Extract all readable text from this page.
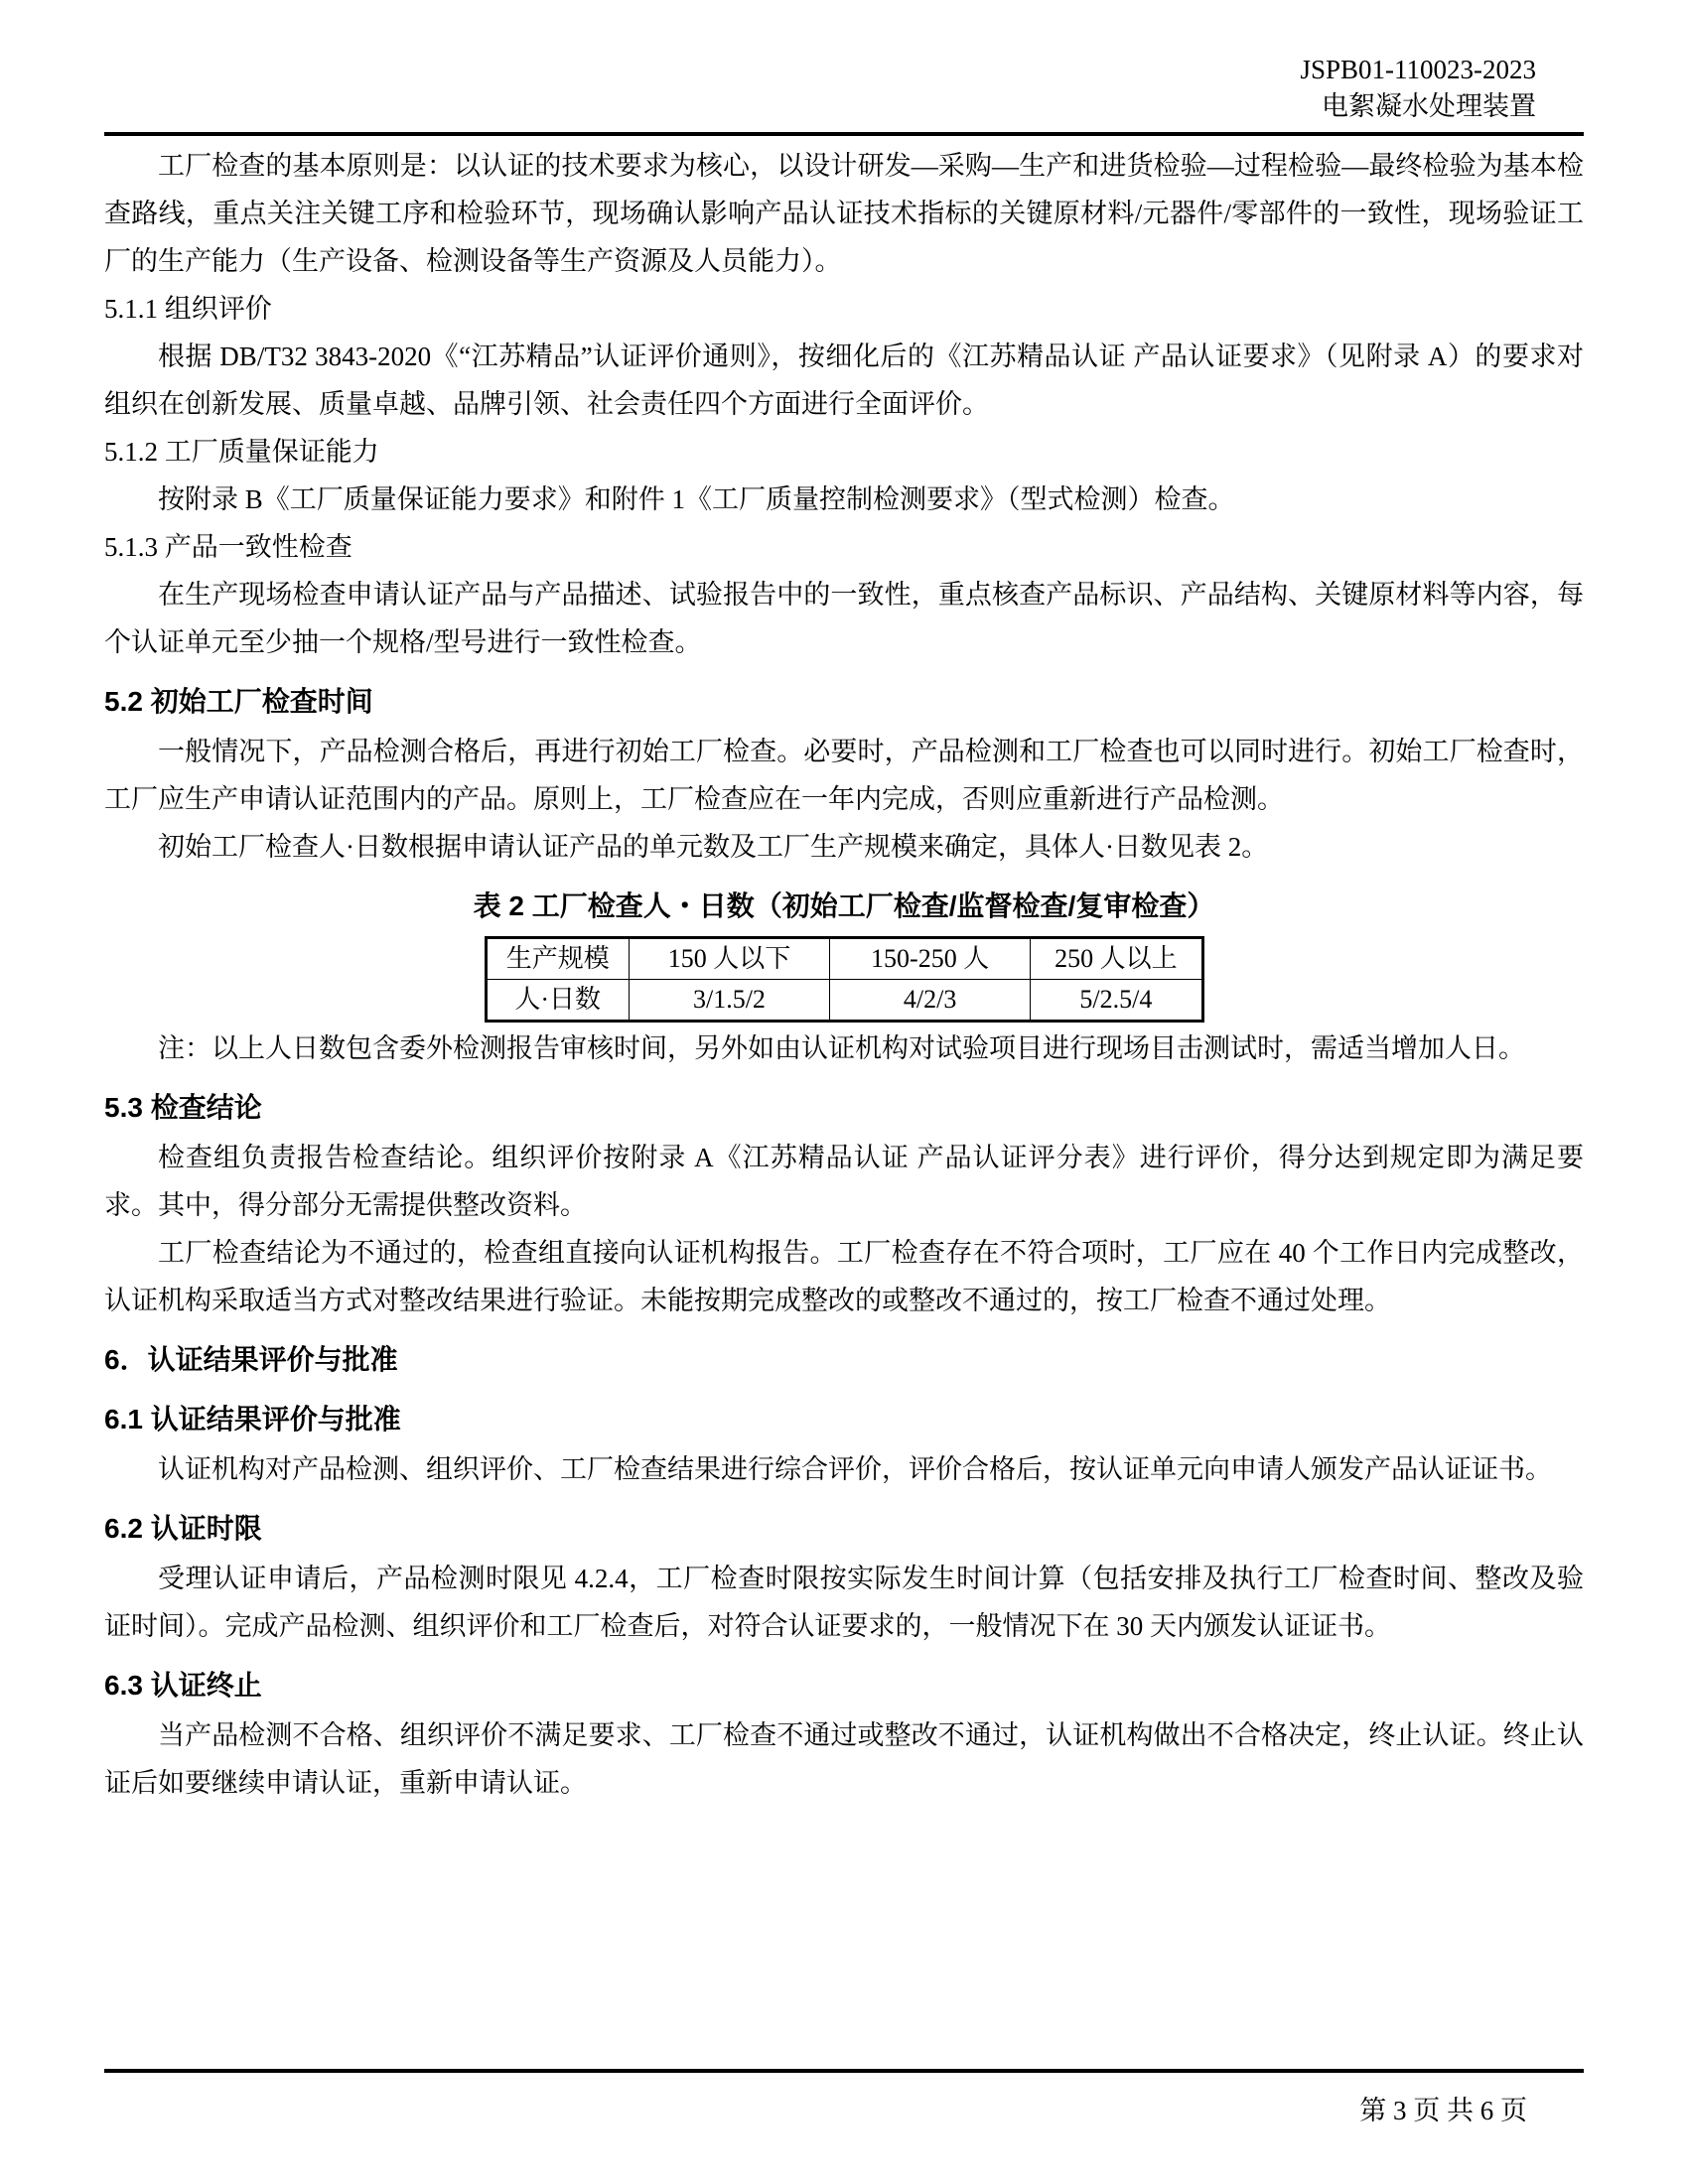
JSPB01-110023-2023
电絮凝水处理装置

工厂检查的基本原则是：以认证的技术要求为核心，以设计研发—采购—生产和进货检验—过程检验—最终检验为基本检查路线，重点关注关键工序和检验环节，现场确认影响产品认证技术指标的关键原材料/元器件/零部件的一致性，现场验证工厂的生产能力（生产设备、检测设备等生产资源及人员能力）。

5.1.1 组织评价

根据 DB/T32 3843-2020《“江苏精品”认证评价通则》，按细化后的《江苏精品认证 产品认证要求》（见附录 A）的要求对组织在创新发展、质量卓越、品牌引领、社会责任四个方面进行全面评价。

5.1.2 工厂质量保证能力

按附录 B《工厂质量保证能力要求》和附件 1《工厂质量控制检测要求》（型式检测）检查。

5.1.3 产品一致性检查

在生产现场检查申请认证产品与产品描述、试验报告中的一致性，重点核查产品标识、产品结构、关键原材料等内容，每个认证单元至少抽一个规格/型号进行一致性检查。

5.2 初始工厂检查时间

一般情况下，产品检测合格后，再进行初始工厂检查。必要时，产品检测和工厂检查也可以同时进行。初始工厂检查时，工厂应生产申请认证范围内的产品。原则上，工厂检查应在一年内完成，否则应重新进行产品检测。

初始工厂检查人·日数根据申请认证产品的单元数及工厂生产规模来确定，具体人·日数见表 2。

表 2 工厂检查人・日数（初始工厂检查/监督检查/复审检查）

生产规模	150 人以下	150-250 人	250 人以上
人·日数	3/1.5/2	4/2/3	5/2.5/4

注：以上人日数包含委外检测报告审核时间，另外如由认证机构对试验项目进行现场目击测试时，需适当增加人日。

5.3 检查结论

检查组负责报告检查结论。组织评价按附录 A《江苏精品认证 产品认证评分表》进行评价，得分达到规定即为满足要求。其中，得分部分无需提供整改资料。

工厂检查结论为不通过的，检查组直接向认证机构报告。工厂检查存在不符合项时，工厂应在 40 个工作日内完成整改，认证机构采取适当方式对整改结果进行验证。未能按期完成整改的或整改不通过的，按工厂检查不通过处理。

6．认证结果评价与批准
6.1 认证结果评价与批准

认证机构对产品检测、组织评价、工厂检查结果进行综合评价，评价合格后，按认证单元向申请人颁发产品认证证书。

6.2 认证时限

受理认证申请后，产品检测时限见 4.2.4，工厂检查时限按实际发生时间计算（包括安排及执行工厂检查时间、整改及验证时间）。完成产品检测、组织评价和工厂检查后，对符合认证要求的，一般情况下在 30 天内颁发认证证书。

6.3 认证终止

当产品检测不合格、组织评价不满足要求、工厂检查不通过或整改不通过，认证机构做出不合格决定，终止认证。终止认证后如要继续申请认证，重新申请认证。

第 3 页 共 6 页
